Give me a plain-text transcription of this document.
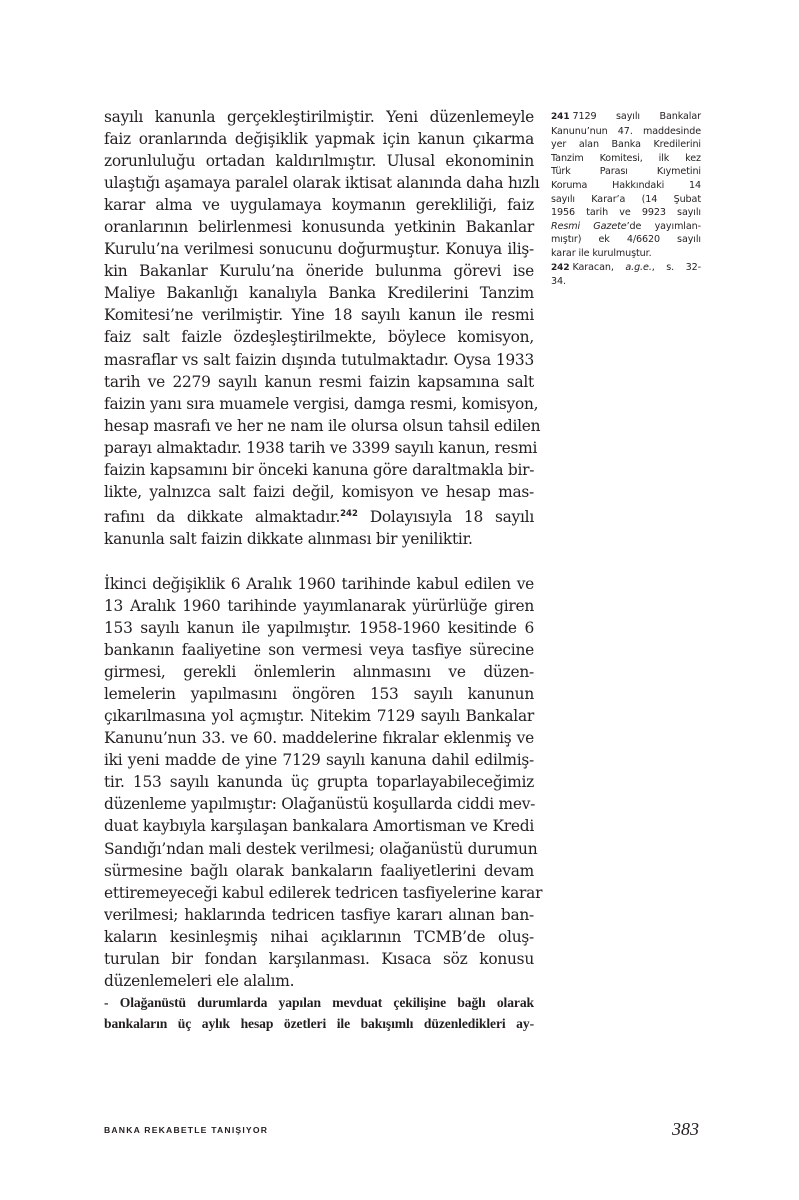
sayılı kanunla gerçekleştirilmiştir. Yeni düzenlemeyle
faiz oranlarında değişiklik yapmak için kanun çıkarma
zorunluluğu ortadan kaldırılmıştır. Ulusal ekonominin
ulaştığı aşamaya paralel olarak iktisat alanında daha hızlı
karar alma ve uygulamaya koymanın gerekliliği, faiz
oranlarının belirlenmesi konusunda yetkinin Bakanlar
Kurulu’na verilmesi sonucunu doğurmuştur. Konuya iliş-
kin Bakanlar Kurulu’na öneride bulunma görevi ise
Maliye Bakanlığı kanalıyla Banka Kredilerini Tanzim
Komitesi’ne verilmiştir. Yine 18 sayılı kanun ile resmi
faiz salt faizle özdeşleştirilmekte, böylece komisyon,
masraflar vs salt faizin dışında tutulmaktadır. Oysa 1933
tarih ve 2279 sayılı kanun resmi faizin kapsamına salt
faizin yanı sıra muamele vergisi, damga resmi, komisyon,
hesap masrafı ve her ne nam ile olursa olsun tahsil edilen
parayı almaktadır. 1938 tarih ve 3399 sayılı kanun, resmi
faizin kapsamını bir önceki kanuna göre daraltmakla bir-
likte, yalnızca salt faizi değil, komisyon ve hesap mas-
rafını da dikkate almaktadır.$^{242}$ Dolayısıyla 18 sayılı
kanunla salt faizin dikkate alınması bir yeniliktir.

İkinci değişiklik 6 Aralık 1960 tarihinde kabul edilen ve
13 Aralık 1960 tarihinde yayımlanarak yürürlüğe giren
153 sayılı kanun ile yapılmıştır. 1958-1960 kesitinde 6
bankanın faaliyetine son vermesi veya tasfiye sürecine
girmesi, gerekli önlemlerin alınmasını ve düzen-
lemelerin yapılmasını öngören 153 sayılı kanunun
çıkarılmasına yol açmıştır. Nitekim 7129 sayılı Bankalar
Kanunu’nun 33. ve 60. maddelerine fıkralar eklenmiş ve
iki yeni madde de yine 7129 sayılı kanuna dahil edilmiş-
tir. 153 sayılı kanunda üç grupta toparlayabileceğimiz
düzenleme yapılmıştır: Olağanüstü koşullarda ciddi mev-
duat kaybıyla karşılaşan bankalara Amortisman ve Kredi
Sandığı’ndan mali destek verilmesi; olağanüstü durumun
sürmesine bağlı olarak bankaların faaliyetlerini devam
ettiremeyeceği kabul edilerek tedricen tasfiyelerine karar
verilmesi; haklarında tedricen tasfiye kararı alınan ban-
kaların kesinleşmiş nihai açıklarının TCMB’de oluş-
turulan bir fondan karşılanması. Kısaca söz konusu
düzenlemeleri ele alalım.

- Olağanüstü durumlarda yapılan mevduat çekilişine bağlı olarak
bankaların üç aylık hesap özetleri ile bakışımlı düzenledikleri ay-

241 7129 sayılı Bankalar
Kanunu’nun 47. maddesinde
yer alan Banka Kredilerini
Tanzim Komitesi, ilk kez
Türk Parası Kıymetini
Koruma Hakkındaki 14
sayılı Karar’a (14 Şubat
1956 tarih ve 9923 sayılı
Resmi Gazete’de yayımlan-
mıştır) ek 4/6620 sayılı
karar ile kurulmuştur.
242 Karacan, a.g.e., s. 32-
34.
BANKA REKABETLE TANIŞIYOR	383
